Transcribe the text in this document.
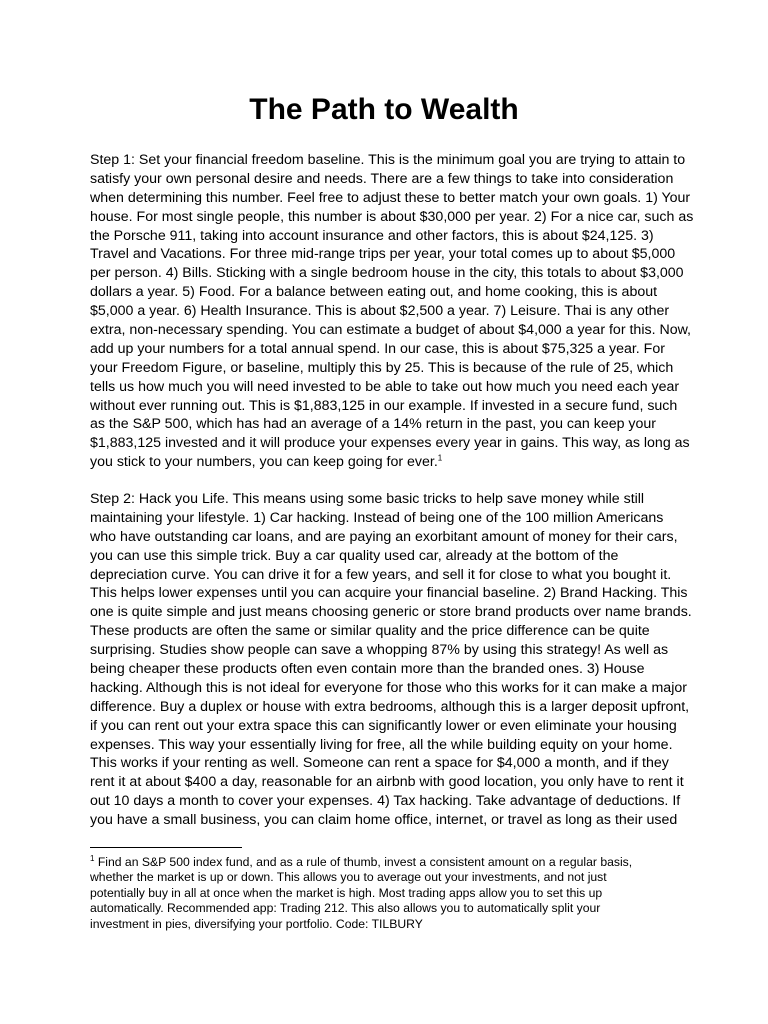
The Path to Wealth
Step 1: Set your financial freedom baseline. This is the minimum goal you are trying to attain to
satisfy your own personal desire and needs. There are a few things to take into consideration
when determining this number. Feel free to adjust these to better match your own goals. 1) Your
house. For most single people, this number is about $30,000 per year. 2) For a nice car, such as
the Porsche 911, taking into account insurance and other factors, this is about $24,125. 3)
Travel and Vacations. For three mid-range trips per year, your total comes up to about $5,000
per person. 4) Bills. Sticking with a single bedroom house in the city, this totals to about $3,000
dollars a year. 5) Food. For a balance between eating out, and home cooking, this is about
$5,000 a year. 6) Health Insurance. This is about $2,500 a year. 7) Leisure. Thai is any other
extra, non-necessary spending. You can estimate a budget of about $4,000 a year for this. Now,
add up your numbers for a total annual spend. In our case, this is about $75,325 a year. For
your Freedom Figure, or baseline, multiply this by 25. This is because of the rule of 25, which
tells us how much you will need invested to be able to take out how much you need each year
without ever running out. This is $1,883,125 in our example. If invested in a secure fund, such
as the S&P 500, which has had an average of a 14% return in the past, you can keep your
$1,883,125 invested and it will produce your expenses every year in gains. This way, as long as
you stick to your numbers, you can keep going for ever.$^1$
Step 2: Hack you Life. This means using some basic tricks to help save money while still
maintaining your lifestyle. 1) Car hacking. Instead of being one of the 100 million Americans
who have outstanding car loans, and are paying an exorbitant amount of money for their cars,
you can use this simple trick. Buy a car quality used car, already at the bottom of the
depreciation curve. You can drive it for a few years, and sell it for close to what you bought it.
This helps lower expenses until you can acquire your financial baseline. 2) Brand Hacking. This
one is quite simple and just means choosing generic or store brand products over name brands.
These products are often the same or similar quality and the price difference can be quite
surprising. Studies show people can save a whopping 87% by using this strategy! As well as
being cheaper these products often even contain more than the branded ones. 3) House
hacking. Although this is not ideal for everyone for those who this works for it can make a major
difference. Buy a duplex or house with extra bedrooms, although this is a larger deposit upfront,
if you can rent out your extra space this can significantly lower or even eliminate your housing
expenses. This way your essentially living for free, all the while building equity on your home.
This works if your renting as well. Someone can rent a space for $4,000 a month, and if they
rent it at about $400 a day, reasonable for an airbnb with good location, you only have to rent it
out 10 days a month to cover your expenses. 4) Tax hacking. Take advantage of deductions. If
you have a small business, you can claim home office, internet, or travel as long as their used
$^1$ Find an S&P 500 index fund, and as a rule of thumb, invest a consistent amount on a regular basis,
whether the market is up or down. This allows you to average out your investments, and not just
potentially buy in all at once when the market is high. Most trading apps allow you to set this up
automatically. Recommended app: Trading 212. This also allows you to automatically split your
investment in pies, diversifying your portfolio. Code: TILBURY
